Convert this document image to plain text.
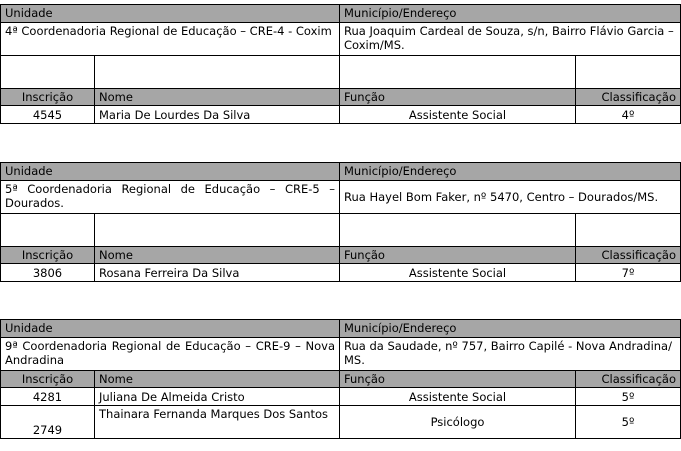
Unidade		Município/Endereço	
4ª Coordenadoria Regional de Educação – CRE-4 - Coxim		Rua Joaquim Cardeal de Souza, s/n, Bairro Flávio Garcia – Coxim/MS.	

Inscrição	Nome	Função	Classificação
4545	Maria De Lourdes Da Silva	Assistente Social	4º
Unidade		Município/Endereço	
5ª Coordenadoria Regional de Educação – CRE-5 – Dourados.		Rua Hayel Bom Faker, nº 5470, Centro – Dourados/MS.	

Inscrição	Nome	Função	Classificação
3806	Rosana Ferreira Da Silva	Assistente Social	7º
Unidade		Município/Endereço	
9ª Coordenadoria Regional de Educação – CRE-9 – Nova Andradina		Rua da Saudade, nº 757, Bairro Capilé - Nova Andradina/ MS.	
Inscrição	Nome	Função	Classificação
4281	Juliana De Almeida Cristo	Assistente Social	5º
2749	Thainara Fernanda Marques Dos Santos	Psicólogo	5º
